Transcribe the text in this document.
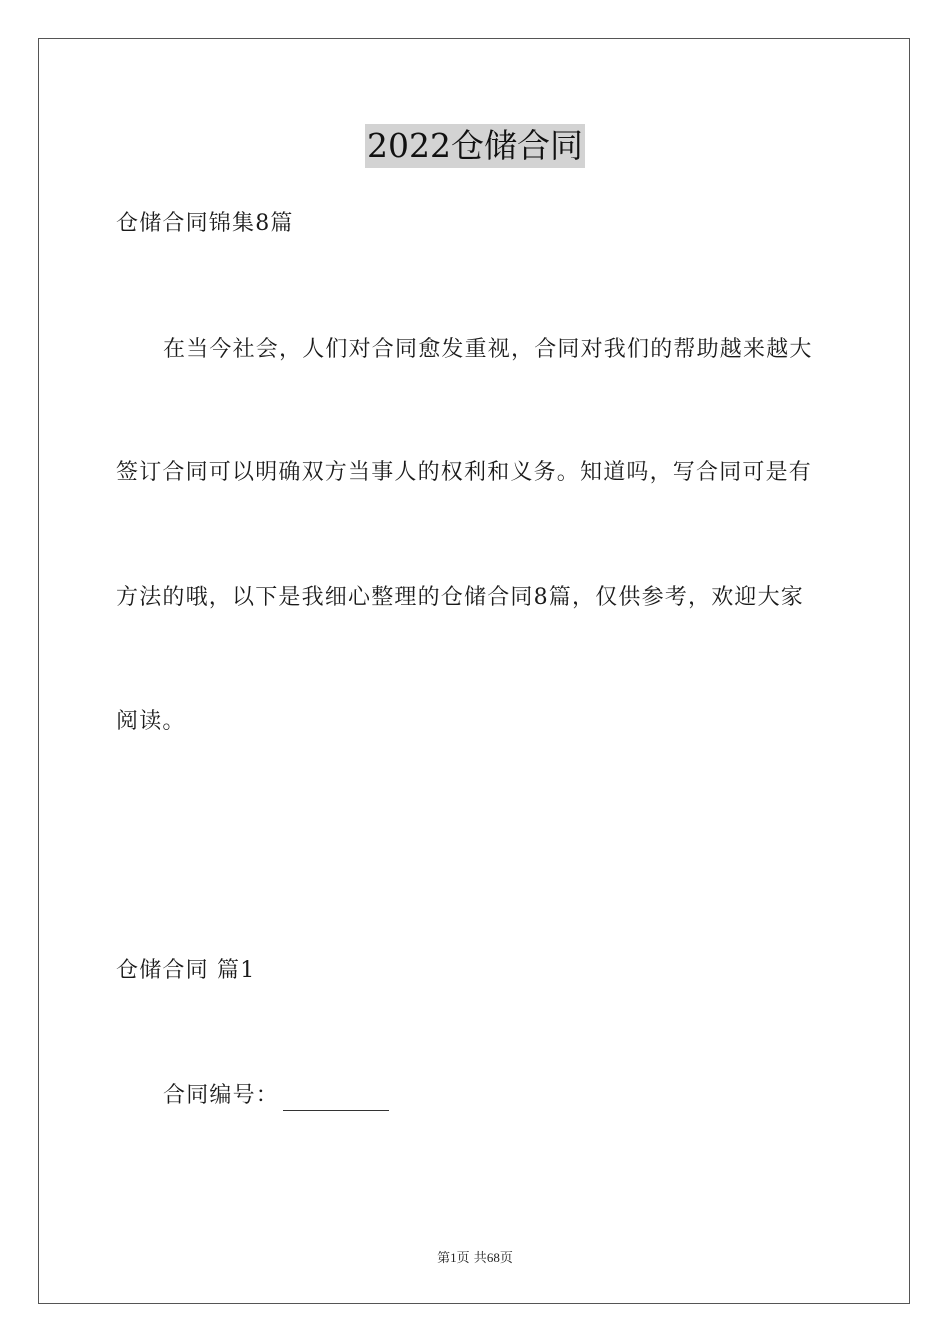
2022仓储合同
仓储合同锦集8篇
在当今社会，人们对合同愈发重视，合同对我们的帮助越来越大
签订合同可以明确双方当事人的权利和义务。知道吗，写合同可是有
方法的哦，以下是我细心整理的仓储合同8篇，仅供参考，欢迎大家
阅读。
仓储合同 篇1
合同编号：
第1页 共68页
